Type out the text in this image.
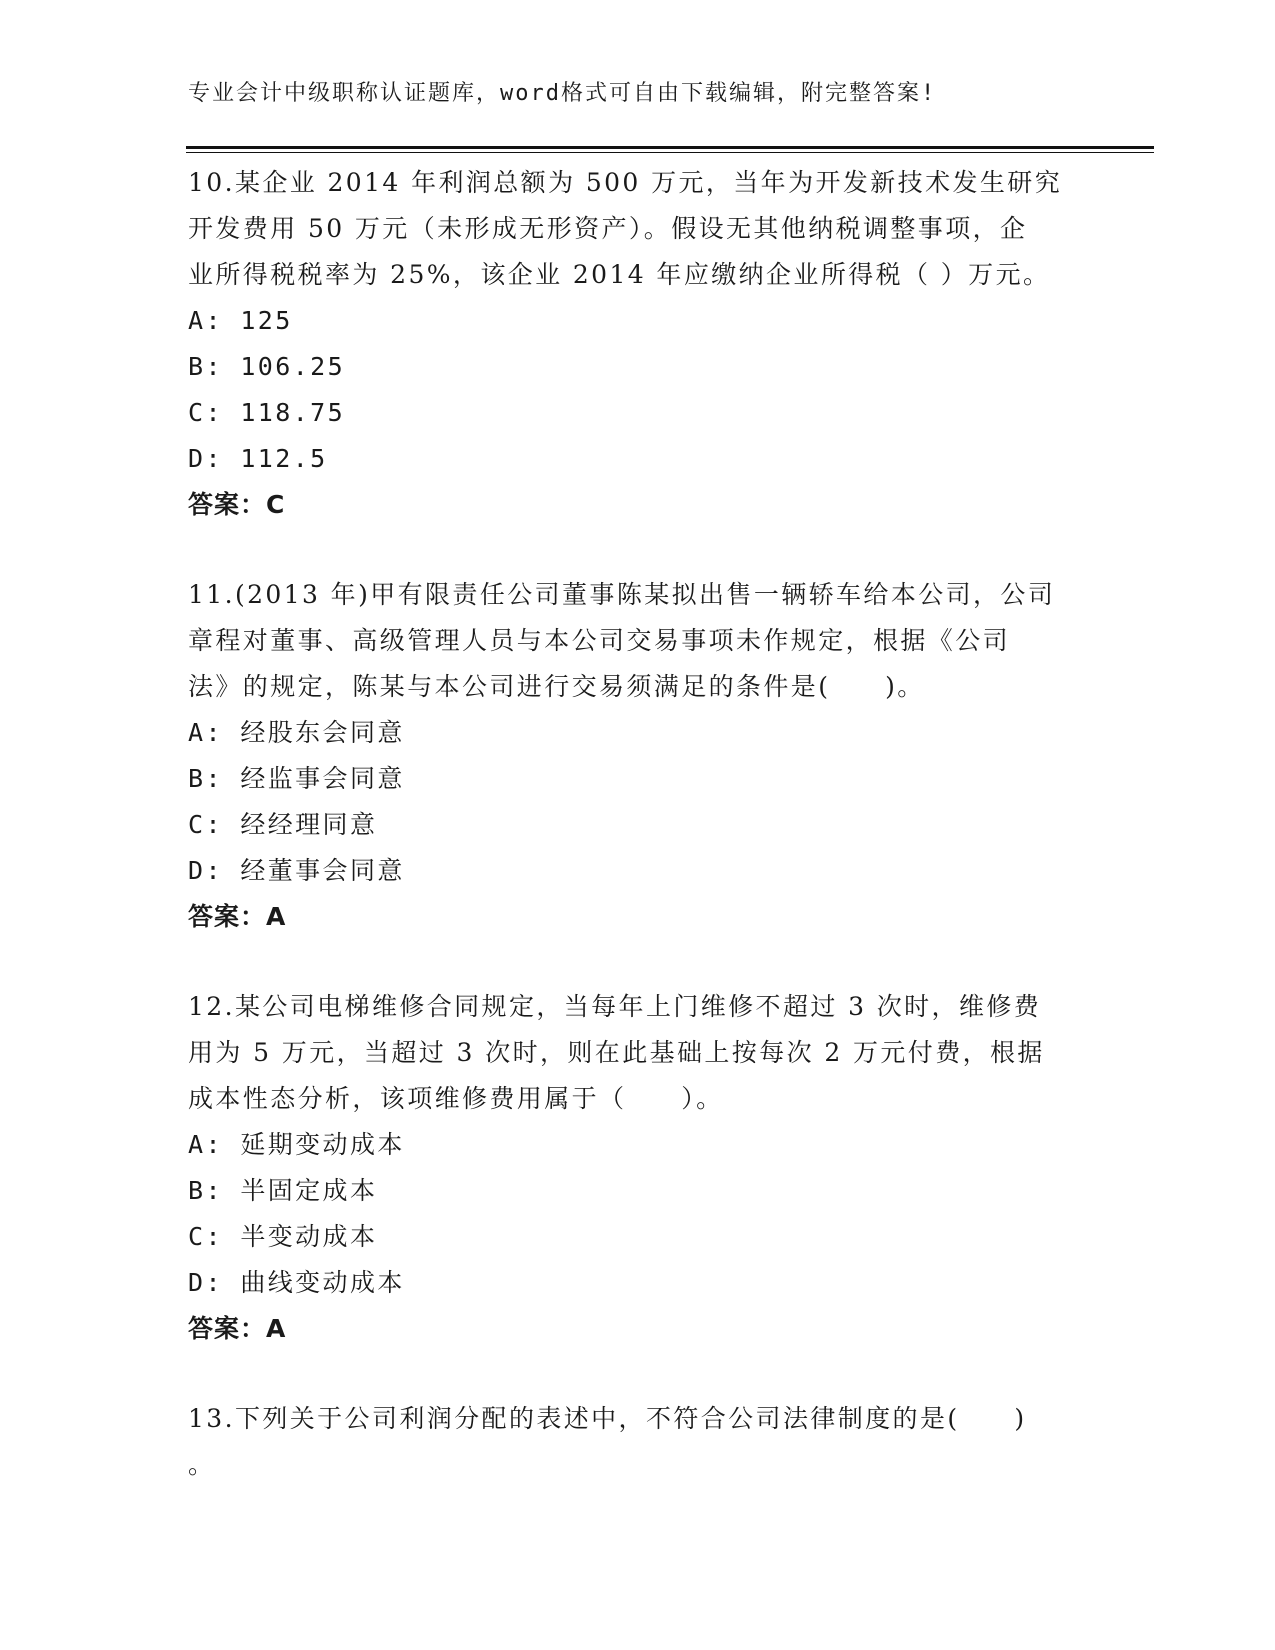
专业会计中级职称认证题库，word格式可自由下载编辑，附完整答案!
10.某企业 2014 年利润总额为 500 万元，当年为开发新技术发生研究
开发费用 50 万元（未形成无形资产）。假设无其他纳税调整事项，企
业所得税税率为 25%，该企业 2014 年应缴纳企业所得税（ ）万元。
A: 125
B: 106.25
C: 118.75
D: 112.5
答案：C
11.(2013 年)甲有限责任公司董事陈某拟出售一辆轿车给本公司，公司
章程对董事、高级管理人员与本公司交易事项未作规定，根据《公司
法》的规定，陈某与本公司进行交易须满足的条件是(　　)。
A: 经股东会同意
B: 经监事会同意
C: 经经理同意
D: 经董事会同意
答案：A
12.某公司电梯维修合同规定，当每年上门维修不超过 3 次时，维修费
用为 5 万元，当超过 3 次时，则在此基础上按每次 2 万元付费，根据
成本性态分析，该项维修费用属于（　　）。
A: 延期变动成本
B: 半固定成本
C: 半变动成本
D: 曲线变动成本
答案：A
13.下列关于公司利润分配的表述中，不符合公司法律制度的是(　　)
。
